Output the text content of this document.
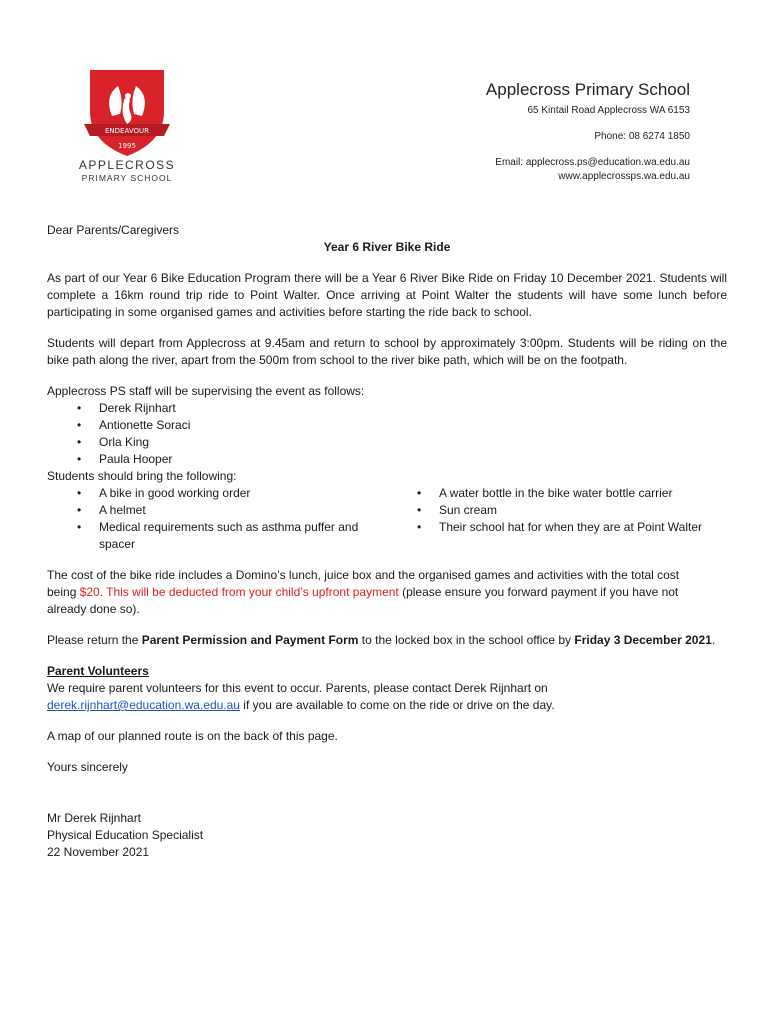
ENDEAVOUR
1995
APPLECROSS
PRIMARY SCHOOL
Applecross Primary School
65 Kintail Road Applecross WA 6153
Phone: 08 6274 1850
Email: applecross.ps@education.wa.edu.au
www.applecrossps.wa.edu.au

Dear Parents/Caregivers

Year 6 River Bike Ride

As part of our Year 6 Bike Education Program there will be a Year 6 River Bike Ride on Friday 10 December 2021. Students will complete a 16km round trip ride to Point Walter. Once arriving at Point Walter the students will have some lunch before participating in some organised games and activities before starting the ride back to school.

Students will depart from Applecross at 9.45am and return to school by approximately 3:00pm. Students will be riding on the bike path along the river, apart from the 500m from school to the river bike path, which will be on the footpath.

Applecross PS staff will be supervising the event as follows:

• Derek Rijnhart
• Antionette Soraci
• Orla King
• Paula Hooper

Students should bring the following:

• A bike in good working order
• A helmet
• Medical requirements such as asthma puffer and spacer
• A water bottle in the bike water bottle carrier
• Sun cream
• Their school hat for when they are at Point Walter

The cost of the bike ride includes a Domino’s lunch, juice box and the organised games and activities with the total cost being $20. This will be deducted from your child’s upfront payment (please ensure you forward payment if you have not already done so).

Please return the Parent Permission and Payment Form to the locked box in the school office by Friday 3 December 2021.

Parent Volunteers

We require parent volunteers for this event to occur. Parents, please contact Derek Rijnhart on derek.rijnhart@education.wa.edu.au if you are available to come on the ride or drive on the day.

A map of our planned route is on the back of this page.

Yours sincerely

Mr Derek Rijnhart

Physical Education Specialist

22 November 2021
